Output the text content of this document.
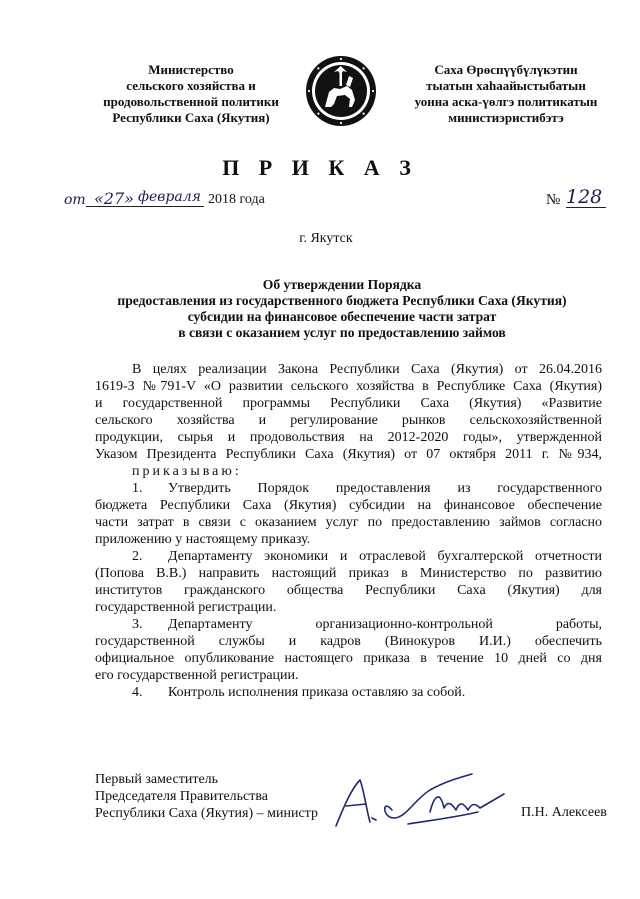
Министерство
сельского хозяйства и
продовольственной политики
Республики Саха (Якутия)
Саха Өрөспүүбүлүкэтин
тыатын хаһаайыстыбатын
уонна аска-үөлгэ политикатын
министиэристибэтэ
П Р И К А З
от «27» февраля 2018 года	№ 128
г. Якутск
Об утверждении Порядка
предоставления из государственного бюджета Республики Саха (Якутия)
субсидии на финансовое обеспечение части затрат
в связи с оказанием услуг по предоставлению займов
В целях реализации Закона Республики Саха (Якутия) от 26.04.2016
1619-З №791-V «О развитии сельского хозяйства в Республике Саха (Якутия)
и государственной программы Республики Саха (Якутия) «Развитие
сельского хозяйства и регулирование рынков сельскохозяйственной
продукции, сырья и продовольствия на 2012-2020 годы», утвержденной
Указом Президента Республики Саха (Якутия) от 07 октября 2011 г. №934,
приказываю:
1. Утвердить Порядок предоставления из государственного
бюджета Республики Саха (Якутия) субсидии на финансовое обеспечение
части затрат в связи с оказанием услуг по предоставлению займов согласно
приложению у настоящему приказу.
2. Департаменту экономики и отраслевой бухгалтерской отчетности
(Попова В.В.) направить настоящий приказ в Министерство по развитию
институтов гражданского общества Республики Саха (Якутия) для
государственной регистрации.
3. Департаменту организационно-контрольной работы,
государственной службы и кадров (Винокуров И.И.) обеспечить
официальное опубликование настоящего приказа в течение 10 дней со дня
его государственной регистрации.
4. Контроль исполнения приказа оставляю за собой.
Первый заместитель
Председателя Правительства
Республики Саха (Якутия) – министр	П.Н. Алексеев
